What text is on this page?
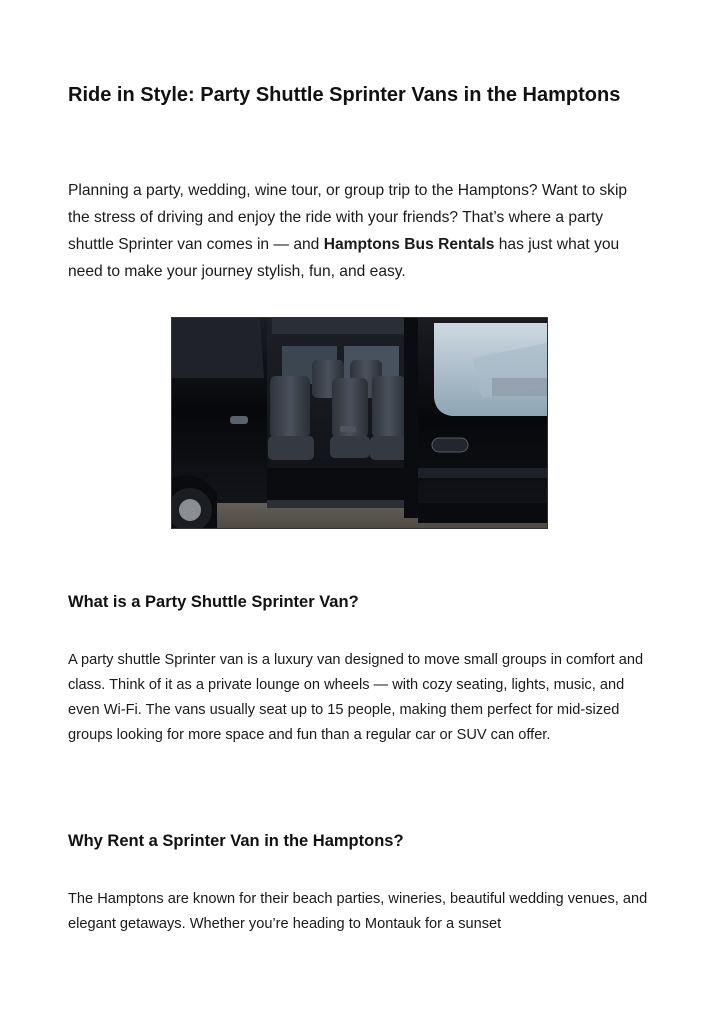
Ride in Style: Party Shuttle Sprinter Vans in the Hamptons

Planning a party, wedding, wine tour, or group trip to the Hamptons? Want to skip the stress of driving and enjoy the ride with your friends? That’s where a party shuttle Sprinter van comes in — and Hamptons Bus Rentals has just what you need to make your journey stylish, fun, and easy.

What is a Party Shuttle Sprinter Van?

A party shuttle Sprinter van is a luxury van designed to move small groups in comfort and class. Think of it as a private lounge on wheels — with cozy seating, lights, music, and even Wi-Fi. The vans usually seat up to 15 people, making them perfect for mid-sized groups looking for more space and fun than a regular car or SUV can offer.

Why Rent a Sprinter Van in the Hamptons?

The Hamptons are known for their beach parties, wineries, beautiful wedding venues, and elegant getaways. Whether you’re heading to Montauk for a sunset
